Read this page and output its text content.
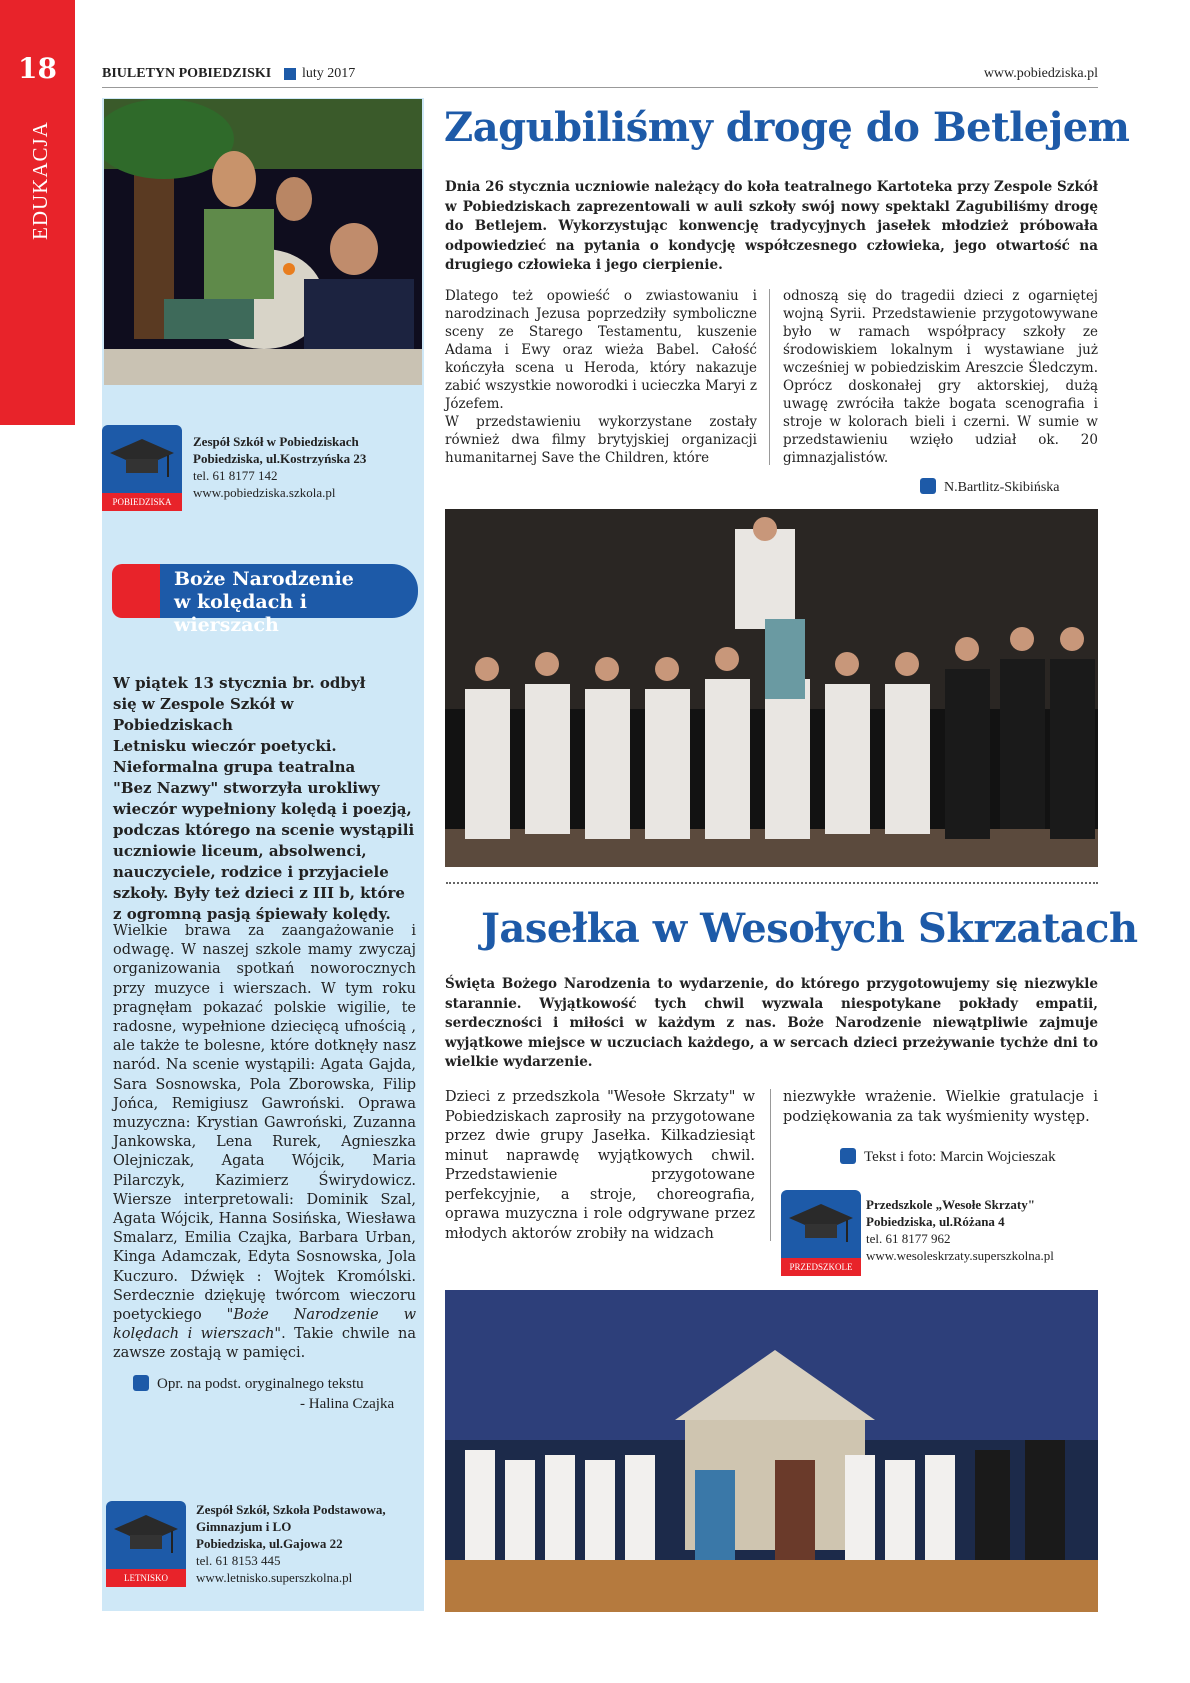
18
EDUKACJA
BIULETYN POBIEDZISKI luty 2017	www.pobiedziska.pl
POBIEDZISKA
Zespół Szkół w Pobiedziskach
Pobiedziska, ul.Kostrzyńska 23
tel. 61 8177 142
www.pobiedziska.szkola.pl
Boże Narodzenie
w kolędach i wierszach
W piątek 13 stycznia br. odbył
się w Zespole Szkół w Pobiedziskach
Letnisku wieczór poetycki.
Nieformalna grupa teatralna
"Bez Nazwy" stworzyła urokliwy
wieczór wypełniony kolędą i poezją,
podczas którego na scenie wystąpili
uczniowie liceum, absolwenci,
nauczyciele, rodzice i przyjaciele
szkoły. Były też dzieci z III b, które
z ogromną pasją śpiewały kolędy.
Wielkie brawa za zaangażowanie i odwagę. W naszej szkole mamy zwyczaj organizowania spotkań noworocznych przy muzyce i wierszach. W tym roku pragnęłam pokazać polskie wigilie, te radosne, wypełnione dziecięcą ufnością , ale także te bolesne, które dotknęły nasz naród. Na scenie wystąpili: Agata Gajda, Sara Sosnowska, Pola Zborowska, Filip Jońca, Remigiusz Gawroński. Oprawa muzyczna: Krystian Gawroński, Zuzanna Jankowska, Lena Rurek, Agnieszka Olejniczak, Agata Wójcik, Maria Pilarczyk, Kazimierz Świrydowicz. Wiersze interpretowali: Dominik Szal, Agata Wójcik, Hanna Sosińska, Wiesława Smalarz, Emilia Czajka, Barbara Urban, Kinga Adamczak, Edyta Sosnowska, Jola Kuczuro. Dźwięk : Wojtek Kromólski. Serdecznie dziękuję twórcom wieczoru poetyckiego "Boże Narodzenie w kolędach i wierszach". Takie chwile na zawsze zostają w pamięci.
Opr. na podst. oryginalnego tekstu
- Halina Czajka
LETNISKO
Zespół Szkół, Szkoła Podstawowa,
Gimnazjum i LO
Pobiedziska, ul.Gajowa 22
tel. 61 8153 445
www.letnisko.superszkolna.pl
Zagubiliśmy drogę do Betlejem
Dnia 26 stycznia uczniowie należący do koła teatralnego Kartoteka przy Zespole Szkół w Pobiedziskach zaprezentowali w auli szkoły swój nowy spektakl Zagubiliśmy drogę do Betlejem. Wykorzystując konwencję tradycyjnych jasełek młodzież próbowała odpowiedzieć na pytania o kondycję współczesnego człowieka, jego otwartość na drugiego człowieka i jego cierpienie.
Dlatego też opowieść o zwiastowaniu i narodzinach Jezusa poprzedziły symboliczne sceny ze Starego Testamentu, kuszenie Adama i Ewy oraz wieża Babel. Całość kończyła scena u Heroda, który nakazuje zabić wszystkie noworodki i ucieczka Maryi z Józefem.
W przedstawieniu wykorzystane zostały również dwa filmy brytyjskiej organizacji humanitarnej Save the Children, które
odnoszą się do tragedii dzieci z ogarniętej wojną Syrii. Przedstawienie przygotowywane było w ramach współpracy szkoły ze środowiskiem lokalnym i wystawiane już wcześniej w pobiedziskim Areszcie Śledczym. Oprócz doskonałej gry aktorskiej, dużą uwagę zwróciła także bogata scenografia i stroje w kolorach bieli i czerni. W sumie w przedstawieniu wzięło udział ok. 20 gimnazjalistów.
N.Bartlitz-Skibińska
Jasełka w Wesołych Skrzatach
Święta Bożego Narodzenia to wydarzenie, do którego przygotowujemy się niezwykle starannie. Wyjątkowość tych chwil wyzwala niespotykane pokłady empatii, serdeczności i miłości w każdym z nas. Boże Narodzenie niewątpliwie zajmuje wyjątkowe miejsce w uczuciach każdego, a w sercach dzieci przeżywanie tychże dni to wielkie wydarzenie.
Dzieci z przedszkola "Wesołe Skrzaty" w Pobiedziskach zaprosiły na przygotowane przez dwie grupy Jasełka. Kilkadziesiąt minut naprawdę wyjątkowych chwil. Przedstawienie przygotowane perfekcyjnie, a stroje, choreografia, oprawa muzyczna i role odgrywane przez młodych aktorów zrobiły na widzach
niezwykłe wrażenie. Wielkie gratulacje i podziękowania za tak wyśmienity występ.
Tekst i foto: Marcin Wojcieszak
PRZEDSZKOLE
Przedszkole „Wesołe Skrzaty"
Pobiedziska, ul.Różana 4
tel. 61 8177 962
www.wesoleskrzaty.superszkolna.pl
